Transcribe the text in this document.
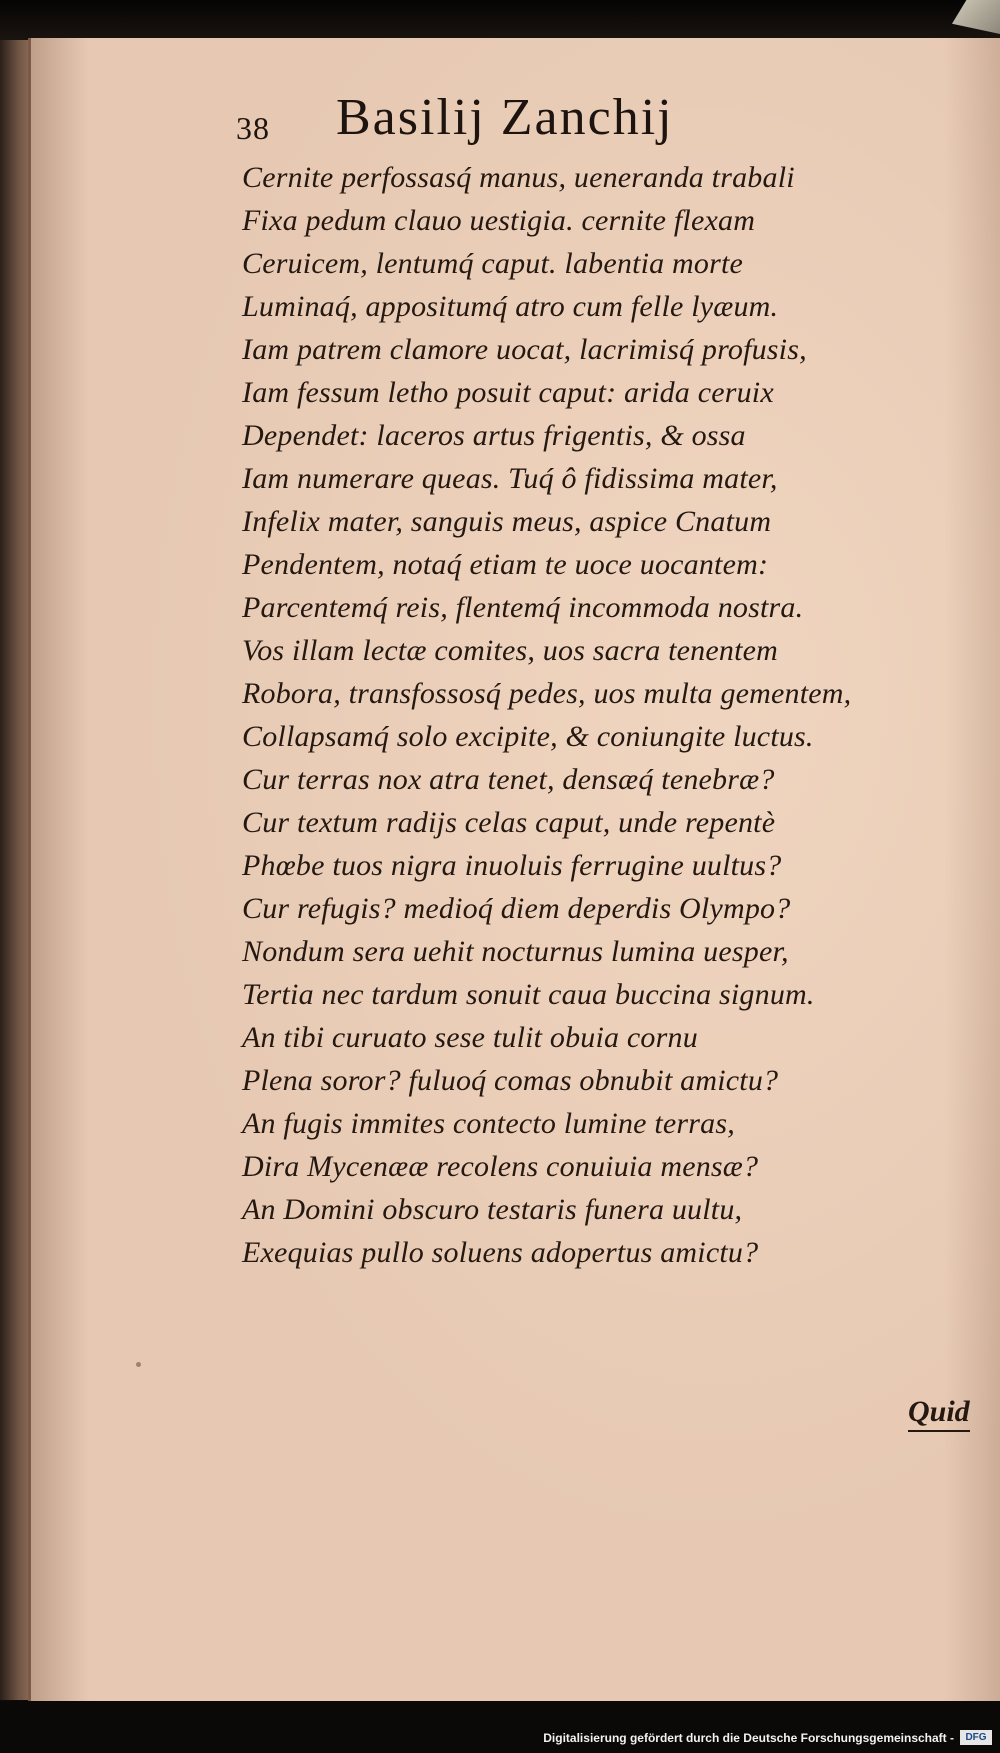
38 Basilij Zanchij
Cernite perfossasq́ manus, ueneranda trabali
Fixa pedum clauo uestigia. cernite flexam
Ceruicem, lentumq́ caput. labentia morte
Luminaq́, appositumq́ atro cum felle lyæum.
Iam patrem clamore uocat, lacrimisq́ profusis,
Iam fessum letho posuit caput: arida ceruix
Dependet: laceros artus frigentis, & ossa
Iam numerare queas. Tuq́ ô fidissima mater,
Infelix mater, sanguis meus, aspice Cnatum
Pendentem, notaq́ etiam te uoce uocantem:
Parcentemq́ reis, flentemq́ incommoda nostra.
Vos illam lectæ comites, uos sacra tenentem
Robora, transfossosq́ pedes, uos multa gementem,
Collapsamq́ solo excipite, & coniungite luctus.
Cur terras nox atra tenet, densæq́ tenebræ?
Cur textum radijs celas caput, unde repentè
Phœbe tuos nigra inuoluis ferrugine uultus?
Cur refugis? medioq́ diem deperdis Olympo?
Nondum sera uehit nocturnus lumina uesper,
Tertia nec tardum sonuit caua buccina signum.
An tibi curuato sese tulit obuia cornu
Plena soror? fuluoq́ comas obnubit amictu?
An fugis immites contecto lumine terras,
Dira Mycenææ recolens conuiuia mensæ?
An Domini obscuro testaris funera uultu,
Exequias pullo soluens adopertus amictu?
Quid
Digitalisierung gefördert durch die Deutsche Forschungsgemeinschaft -	DFG
